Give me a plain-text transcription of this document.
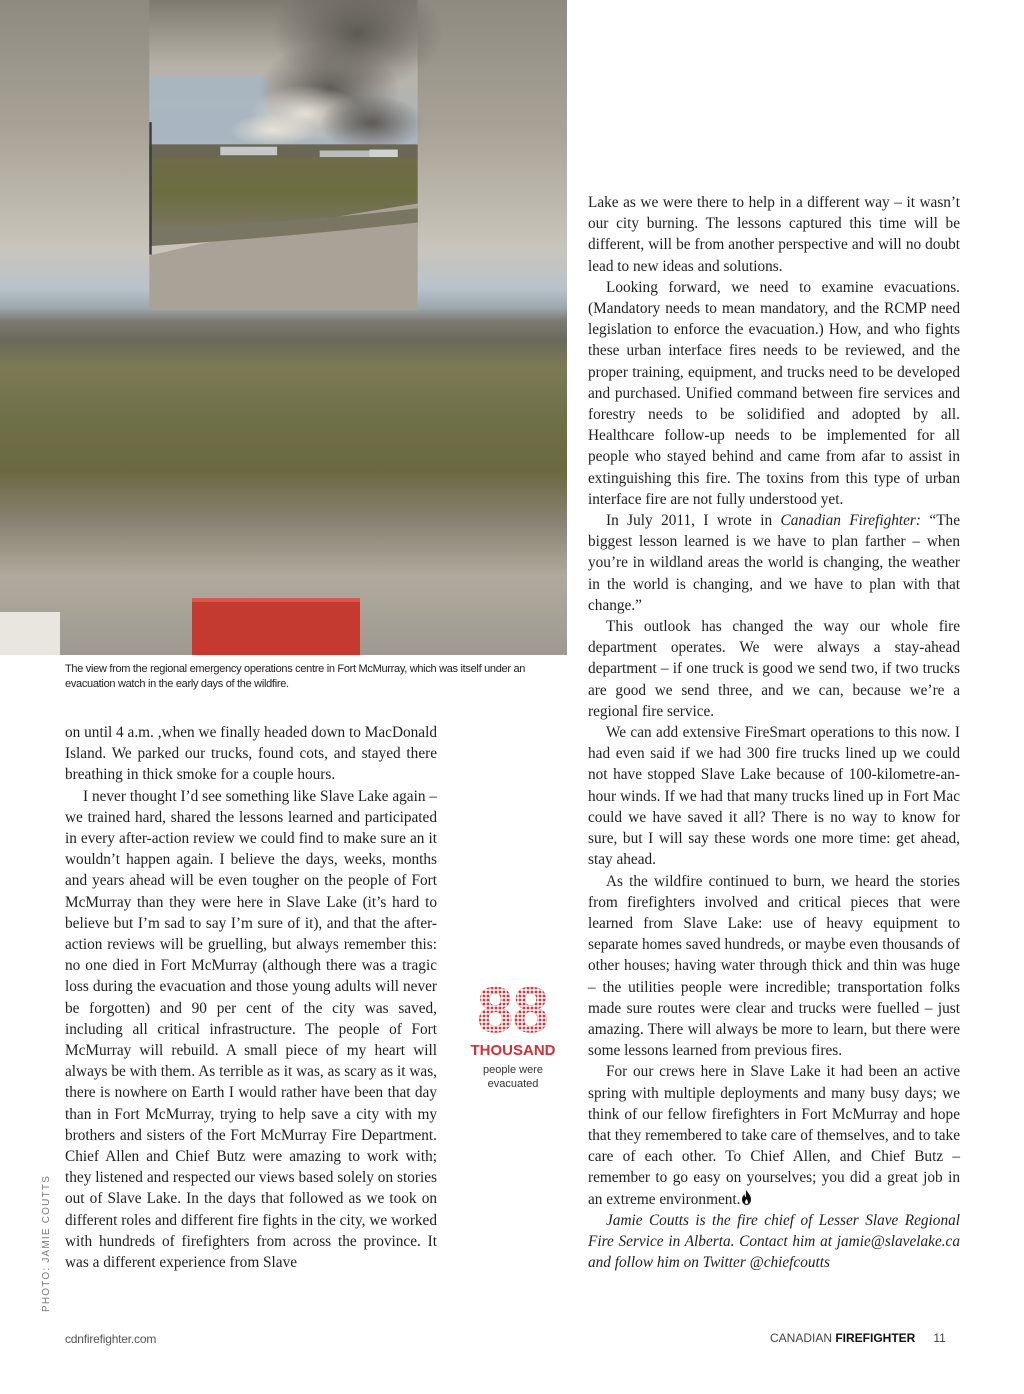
PHOTO: JAMIE COUTTS
The view from the regional emergency operations centre in Fort McMurray, which was itself under an evacuation watch in the early days of the wildfire.

on until 4 a.m. ,when we finally headed down to MacDonald Island. We parked our trucks, found cots, and stayed there breathing in thick smoke for a couple hours.

I never thought I’d see something like Slave Lake again – we trained hard, shared the lessons learned and participated in every after-action review we could find to make sure an it wouldn’t happen again. I believe the days, weeks, months and years ahead will be even tougher on the people of Fort McMurray than they were here in Slave Lake (it’s hard to believe but I’m sad to say I’m sure of it), and that the after-action reviews will be gruelling, but always remember this: no one died in Fort McMurray (although there was a tragic loss during the evacuation and those young adults will never be forgotten) and 90 per cent of the city was saved, including all critical infrastructure. The people of Fort McMurray will rebuild. A small piece of my heart will always be with them. As terrible as it was, as scary as it was, there is nowhere on Earth I would rather have been that day than in Fort McMurray, trying to help save a city with my brothers and sisters of the Fort McMurray Fire Department. Chief Allen and Chief Butz were amazing to work with; they listened and respected our views based solely on stories out of Slave Lake. In the days that followed as we took on different roles and different fire fights in the city, we worked with hundreds of firefighters from across the province. It was a different experience from Slave

88
THOUSAND
people were
evacuated

Lake as we were there to help in a different way – it wasn’t our city burning. The lessons captured this time will be different, will be from another perspective and will no doubt lead to new ideas and solutions.

Looking forward, we need to examine evacuations. (Mandatory needs to mean mandatory, and the RCMP need legislation to enforce the evacuation.) How, and who fights these urban interface fires needs to be reviewed, and the proper training, equipment, and trucks need to be developed and purchased. Unified command between fire services and forestry needs to be solidified and adopted by all. Healthcare follow-up needs to be implemented for all people who stayed behind and came from afar to assist in extinguishing this fire. The toxins from this type of urban interface fire are not fully understood yet.

In July 2011, I wrote in Canadian Firefighter: “The biggest lesson learned is we have to plan farther – when you’re in wildland areas the world is changing, the weather in the world is changing, and we have to plan with that change.”

This outlook has changed the way our whole fire department operates. We were always a stay-ahead department – if one truck is good we send two, if two trucks are good we send three, and we can, because we’re a regional fire service.

We can add extensive FireSmart operations to this now. I had even said if we had 300 fire trucks lined up we could not have stopped Slave Lake because of 100-kilometre-an-hour winds. If we had that many trucks lined up in Fort Mac could we have saved it all? There is no way to know for sure, but I will say these words one more time: get ahead, stay ahead.

As the wildfire continued to burn, we heard the stories from firefighters involved and critical pieces that were learned from Slave Lake: use of heavy equipment to separate homes saved hundreds, or maybe even thousands of other houses; having water through thick and thin was huge – the utilities people were incredible; transportation folks made sure routes were clear and trucks were fuelled – just amazing. There will always be more to learn, but there were some lessons learned from previous fires.

For our crews here in Slave Lake it had been an active spring with multiple deployments and many busy days; we think of our fellow firefighters in Fort McMurray and hope that they remembered to take care of themselves, and to take care of each other. To Chief Allen, and Chief Butz – remember to go easy on yourselves; you did a great job in an extreme environment.

Jamie Coutts is the fire chief of Lesser Slave Regional Fire Service in Alberta. Contact him at jamie@slavelake.ca and follow him on Twitter @chiefcoutts

cdnfirefighter.com	CANADIAN FIREFIGHTER 11
